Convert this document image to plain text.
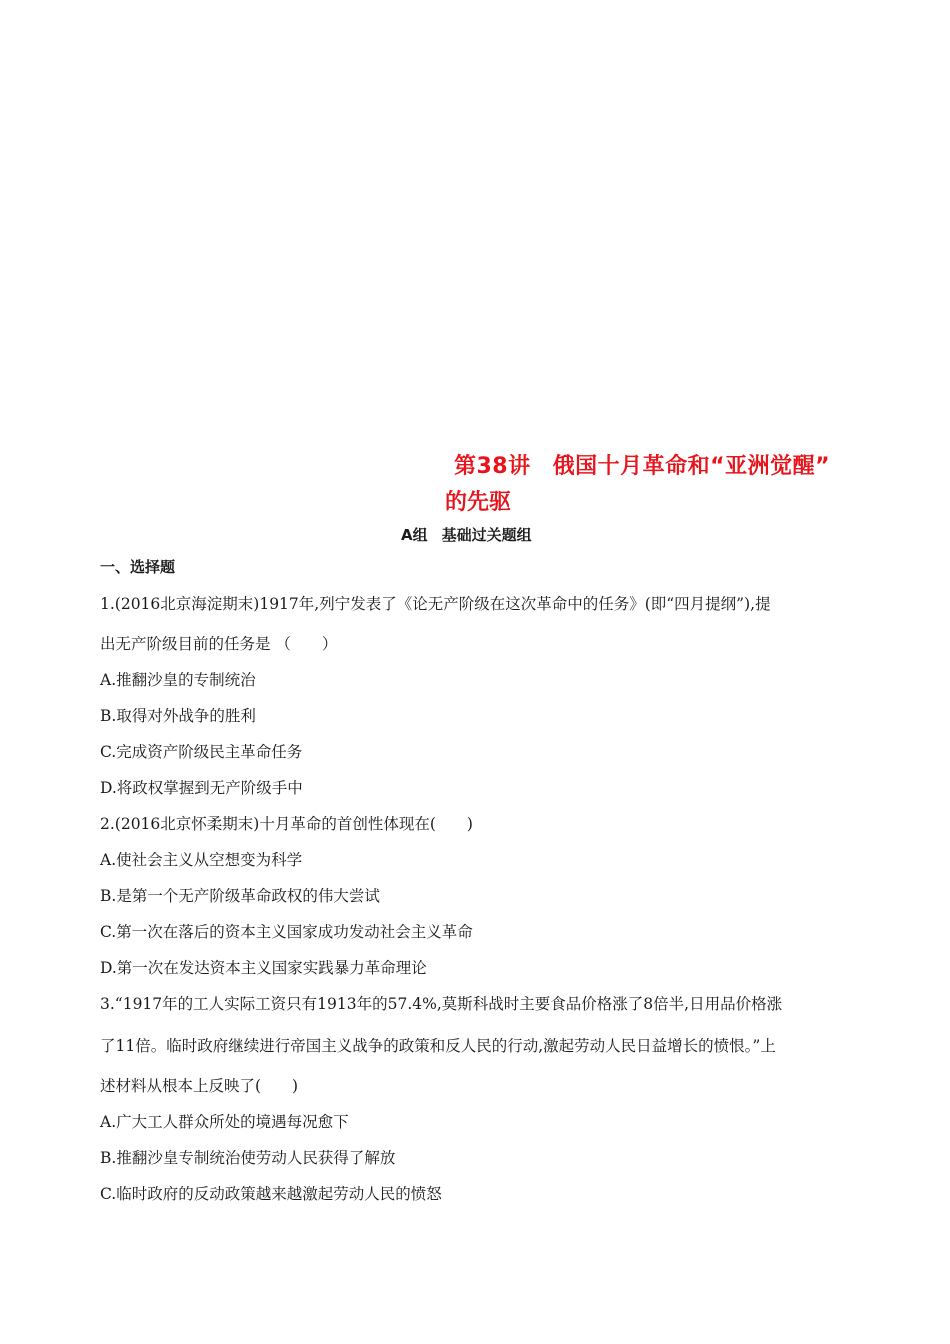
第38讲 俄国十月革命和“亚洲觉醒”
的先驱
A组 基础过关题组
一、选择题
1.(2016北京海淀期末)1917年,列宁发表了《论无产阶级在这次革命中的任务》(即“四月提纲”),提
出无产阶级目前的任务是 （　　）
A.推翻沙皇的专制统治
B.取得对外战争的胜利
C.完成资产阶级民主革命任务
D.将政权掌握到无产阶级手中
2.(2016北京怀柔期末)十月革命的首创性体现在(　　)
A.使社会主义从空想变为科学
B.是第一个无产阶级革命政权的伟大尝试
C.第一次在落后的资本主义国家成功发动社会主义革命
D.第一次在发达资本主义国家实践暴力革命理论
3.“1917年的工人实际工资只有1913年的57.4%,莫斯科战时主要食品价格涨了8倍半,日用品价格涨
了11倍。临时政府继续进行帝国主义战争的政策和反人民的行动,激起劳动人民日益增长的愤恨。”上
述材料从根本上反映了(　　)
A.广大工人群众所处的境遇每况愈下
B.推翻沙皇专制统治使劳动人民获得了解放
C.临时政府的反动政策越来越激起劳动人民的愤怒
